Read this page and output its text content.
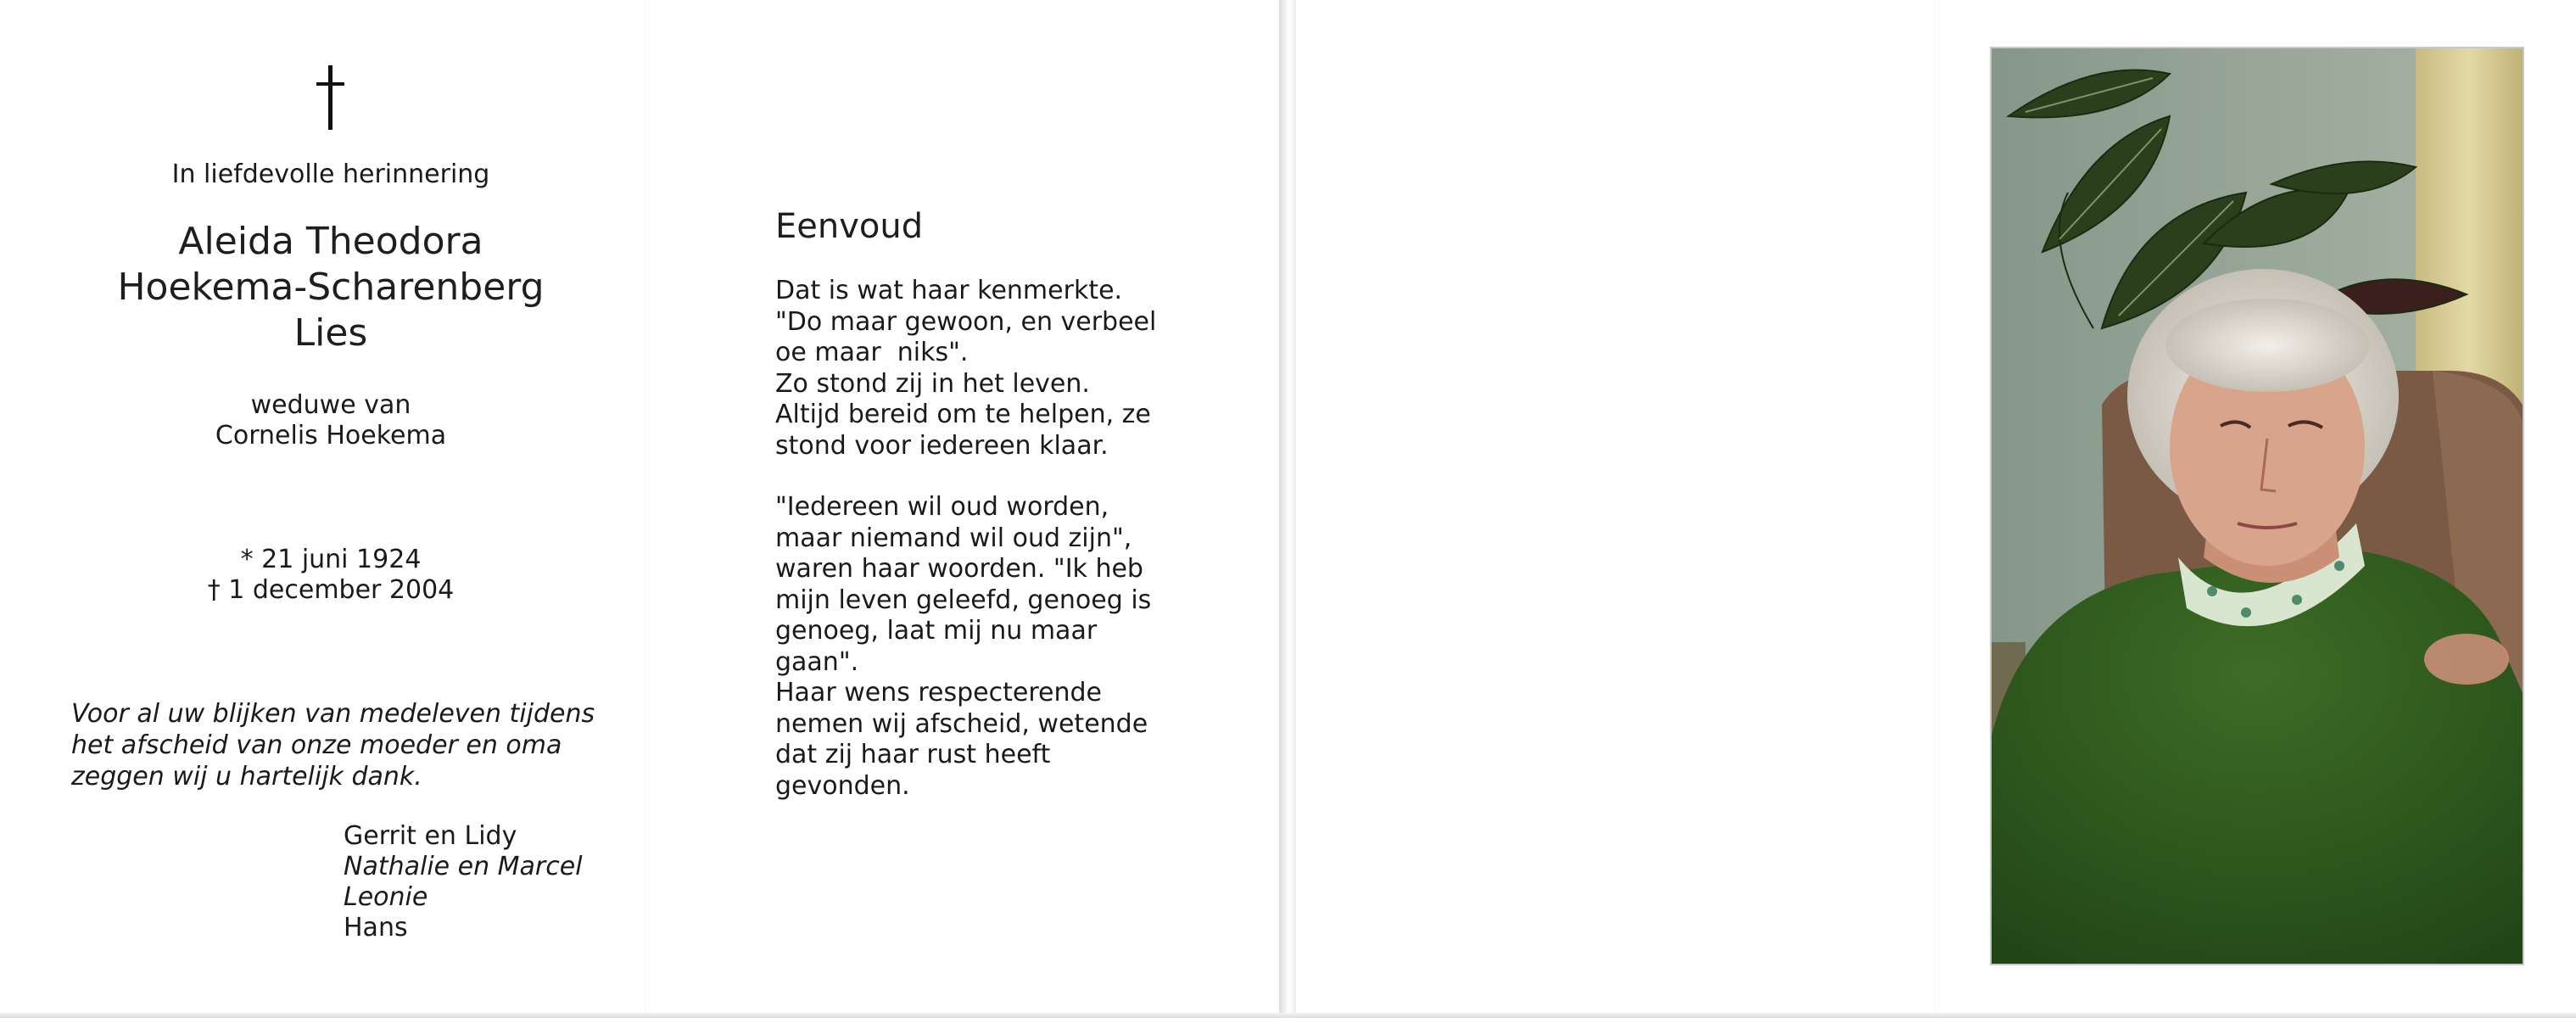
In liefdevolle herinnering
Aleida Theodora
Hoekema-Scharenberg
Lies
weduwe van
Cornelis Hoekema
* 21 juni 1924
† 1 december 2004
Voor al uw blijken van medeleven tijdens
het afscheid van onze moeder en oma
zeggen wij u hartelijk dank.
Gerrit en Lidy
Nathalie en Marcel
Leonie
Hans
Eenvoud
Dat is wat haar kenmerkte.
"Do maar gewoon, en verbeel
oe maar  niks".
Zo stond zij in het leven.
Altijd bereid om te helpen, ze
stond voor iedereen klaar.
"Iedereen wil oud worden,
maar niemand wil oud zijn",
waren haar woorden. "Ik heb
mijn leven geleefd, genoeg is
genoeg, laat mij nu maar
gaan".
Haar wens respecterende
nemen wij afscheid, wetende
dat zij haar rust heeft
gevonden.
